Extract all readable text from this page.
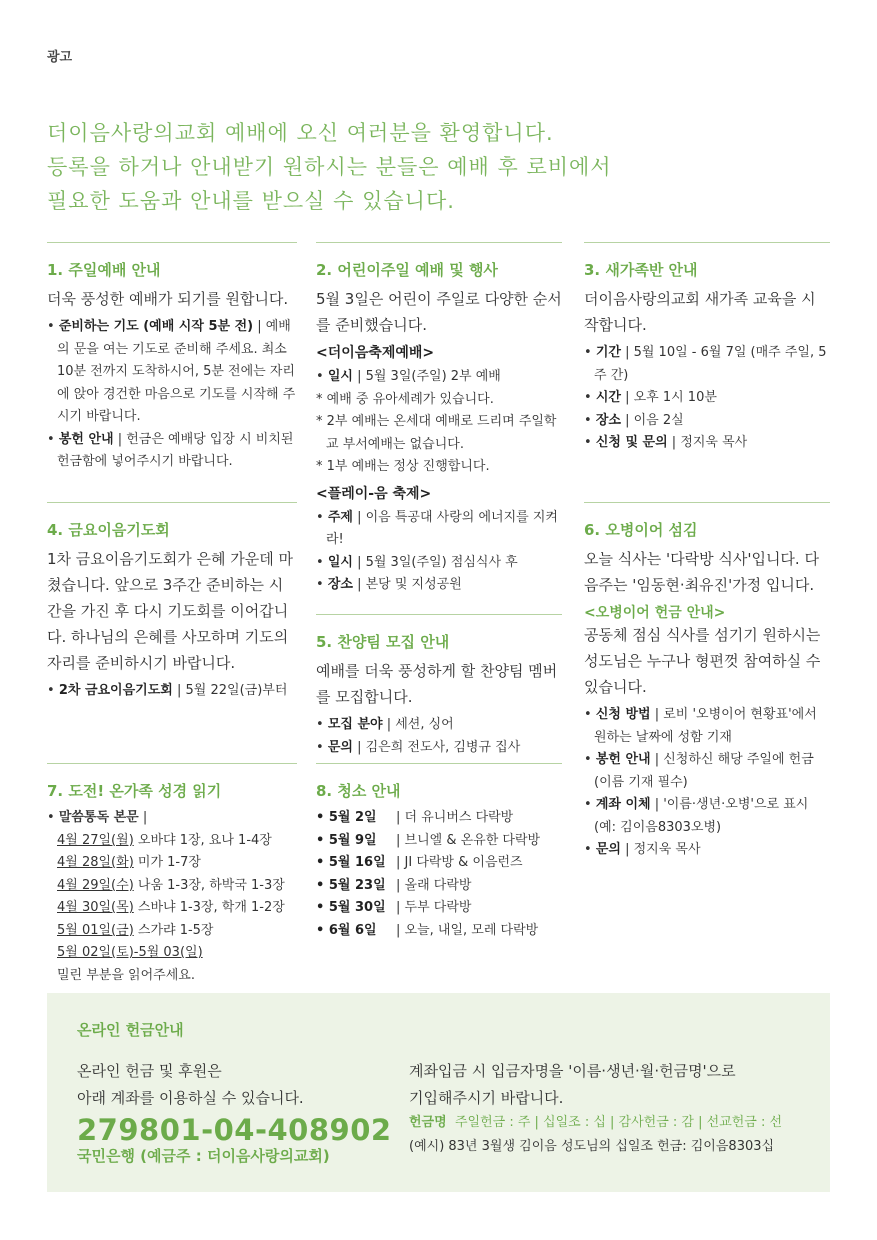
광고
더이음사랑의교회 예배에 오신 여러분을 환영합니다.
등록을 하거나 안내받기 원하시는 분들은 예배 후 로비에서
필요한 도움과 안내를 받으실 수 있습니다.
1. 주일예배 안내
더욱 풍성한 예배가 되기를 원합니다.
• 준비하는 기도 (예배 시작 5분 전) | 예배의 문을 여는 기도로 준비해 주세요. 최소 10분 전까지 도착하시어, 5분 전에는 자리에 앉아 경건한 마음으로 기도를 시작해 주시기 바랍니다.
• 봉헌 안내 | 헌금은 예배당 입장 시 비치된 헌금함에 넣어주시기 바랍니다.
4. 금요이음기도회
1차 금요이음기도회가 은혜 가운데 마쳤습니다. 앞으로 3주간 준비하는 시간을 가진 후 다시 기도회를 이어갑니다. 하나님의 은혜를 사모하며 기도의 자리를 준비하시기 바랍니다.
• 2차 금요이음기도회 | 5월 22일(금)부터
7. 도전! 온가족 성경 읽기
• 말씀통독 본문 |
4월 27일(월) 오바댜 1장, 요나 1-4장
4월 28일(화) 미가 1-7장
4월 29일(수) 나움 1-3장, 하박국 1-3장
4월 30일(목) 스바냐 1-3장, 학개 1-2장
5월 01일(금) 스가랴 1-5장
5월 02일(토)-5월 03(일)
밀린 부분을 읽어주세요.
2. 어린이주일 예배 및 행사
5월 3일은 어린이 주일로 다양한 순서를 준비했습니다.
<더이음축제예배>
• 일시 | 5월 3일(주일) 2부 예배
* 예배 중 유아세례가 있습니다.
* 2부 예배는 온세대 예배로 드리며 주일학교 부서예배는 없습니다.
* 1부 예배는 정상 진행합니다.
<플레이-음 축제>
• 주제 | 이음 특공대 사랑의 에너지를 지켜라!
• 일시 | 5월 3일(주일) 점심식사 후
• 장소 | 본당 및 지성공원
5. 찬양팀 모집 안내
예배를 더욱 풍성하게 할 찬양팀 멤버를 모집합니다.
• 모집 분야 | 세션, 싱어
• 문의 | 김은희 전도사, 김병규 집사
8. 청소 안내
• 5월 2일	| 더 유니버스 다락방
• 5월 9일	| 브니엘 & 온유한 다락방
• 5월 16일 | JI 다락방 & 이음런즈
• 5월 23일 | 올래 다락방
• 5월 30일 | 두부 다락방
• 6월 6일	| 오늘, 내일, 모레 다락방
3. 새가족반 안내
더이음사랑의교회 새가족 교육을 시작합니다.
• 기간 | 5월 10일 - 6월 7일 (매주 주일, 5주 간)
• 시간 | 오후 1시 10분
• 장소 | 이음 2실
• 신청 및 문의 | 정지욱 목사
6. 오병이어 섬김
오늘 식사는 '다락방 식사'입니다. 다음주는 '임동현·최유진'가정 입니다.
<오병이어 헌금 안내>
공동체 점심 식사를 섬기기 원하시는 성도님은 누구나 형편껏 참여하실 수 있습니다.
• 신청 방법 | 로비 '오병이어 현황표'에서 원하는 날짜에 성함 기재
• 봉헌 안내 | 신청하신 해당 주일에 헌금 (이름 기재 필수)
• 계좌 이체 | '이름·생년·오병'으로 표시 (예: 김이음8303오병)
• 문의 | 정지욱 목사
온라인 헌금안내
온라인 헌금 및 후원은
아래 계좌를 이용하실 수 있습니다.
279801-04-408902
국민은행 (예금주 : 더이음사랑의교회)
계좌입금 시 입금자명을 '이름·생년·월·헌금명'으로
기입해주시기 바랍니다.
헌금명 주일헌금 : 주 | 십일조 : 십 | 감사헌금 : 감 | 선교헌금 : 선
(예시) 83년 3월생 김이음 성도님의 십일조 헌금: 김이음8303십
